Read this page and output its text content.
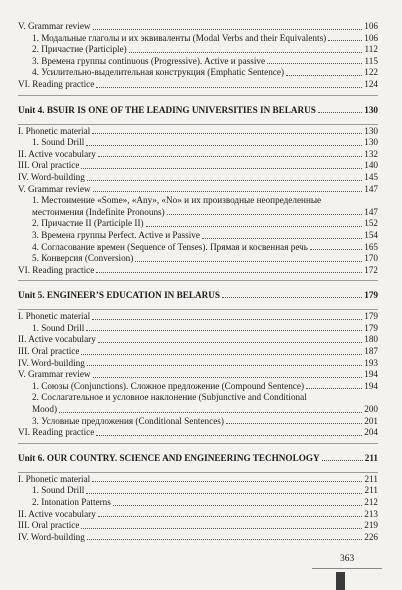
V. Grammar review	106
1. Модальные глаголы и их эквиваленты (Modal Verbs and their Equivalents)	106
2. Причастие (Participle)	112
3. Времена группы continuous (Progressive). Active и passive	115
4. Усилительно-выделительная конструкция (Emphatic Sentence)	122
VI. Reading practice	124
Unit 4. BSUIR IS ONE OF THE LEADING UNIVERSITIES IN BELARUS	130
I. Phonetic material	130
1. Sound Drill	130
II. Active vocabulary	132
III. Oral practice	140
IV. Word-building	145
V. Grammar review	147
1. Местоимение «Some», «Any», «No» и их производные неопределенные
местоимения (Indefinite Pronouns)	147
2. Причастие II (Participle II)	152
3. Времена группы Perfect. Active и Passive	154
4. Согласование времен (Sequence of Tenses). Прямая и косвенная речь	165
5. Конверсия (Conversion)	170
VI. Reading practice	172
Unit 5. ENGINEER’S EDUCATION IN BELARUS	179
I. Phonetic material	179
1. Sound Drill	179
II. Active vocabulary	180
III. Oral practice	187
IV. Word-building	193
V. Grammar review	194
1. Союзы (Conjunctions). Сложное предложение (Compound Sentence)	194
2. Сослагательное и условное наклонение (Subjunctive and Conditional
Mood)	200
3. Условные предложения (Conditional Sentences)	201
VI. Reading practice	204
Unit 6. OUR COUNTRY. SCIENCE AND ENGINEERING TECHNOLOGY	211
I. Phonetic material	211
1. Sound Drill	211
2. Intonation Patterns	212
II. Active vocabulary	213
III. Oral practice	219
IV. Word-building	226
363
